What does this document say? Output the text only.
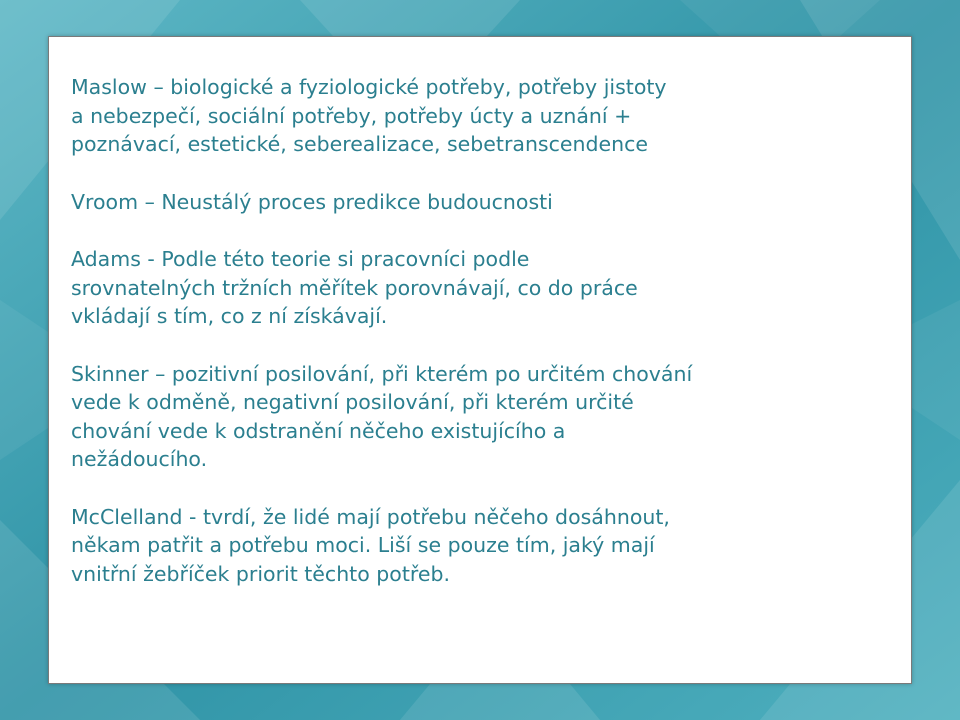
Maslow – biologické a fyziologické potřeby, potřeby jistoty
a nebezpečí, sociální potřeby, potřeby úcty a uznání +
poznávací, estetické, seberealizace, sebetranscendence

Vroom – Neustálý proces predikce budoucnosti

Adams - Podle této teorie si pracovníci podle
srovnatelných tržních měřítek porovnávají, co do práce
vkládají s tím, co z ní získávají.

Skinner – pozitivní posilování, při kterém po určitém chování
vede k odměně, negativní posilování, při kterém určité
chování vede k odstranění něčeho existujícího a
nežádoucího.

McClelland - tvrdí, že lidé mají potřebu něčeho dosáhnout,
někam patřit a potřebu moci. Liší se pouze tím, jaký mají
vnitřní žebříček priorit těchto potřeb.
